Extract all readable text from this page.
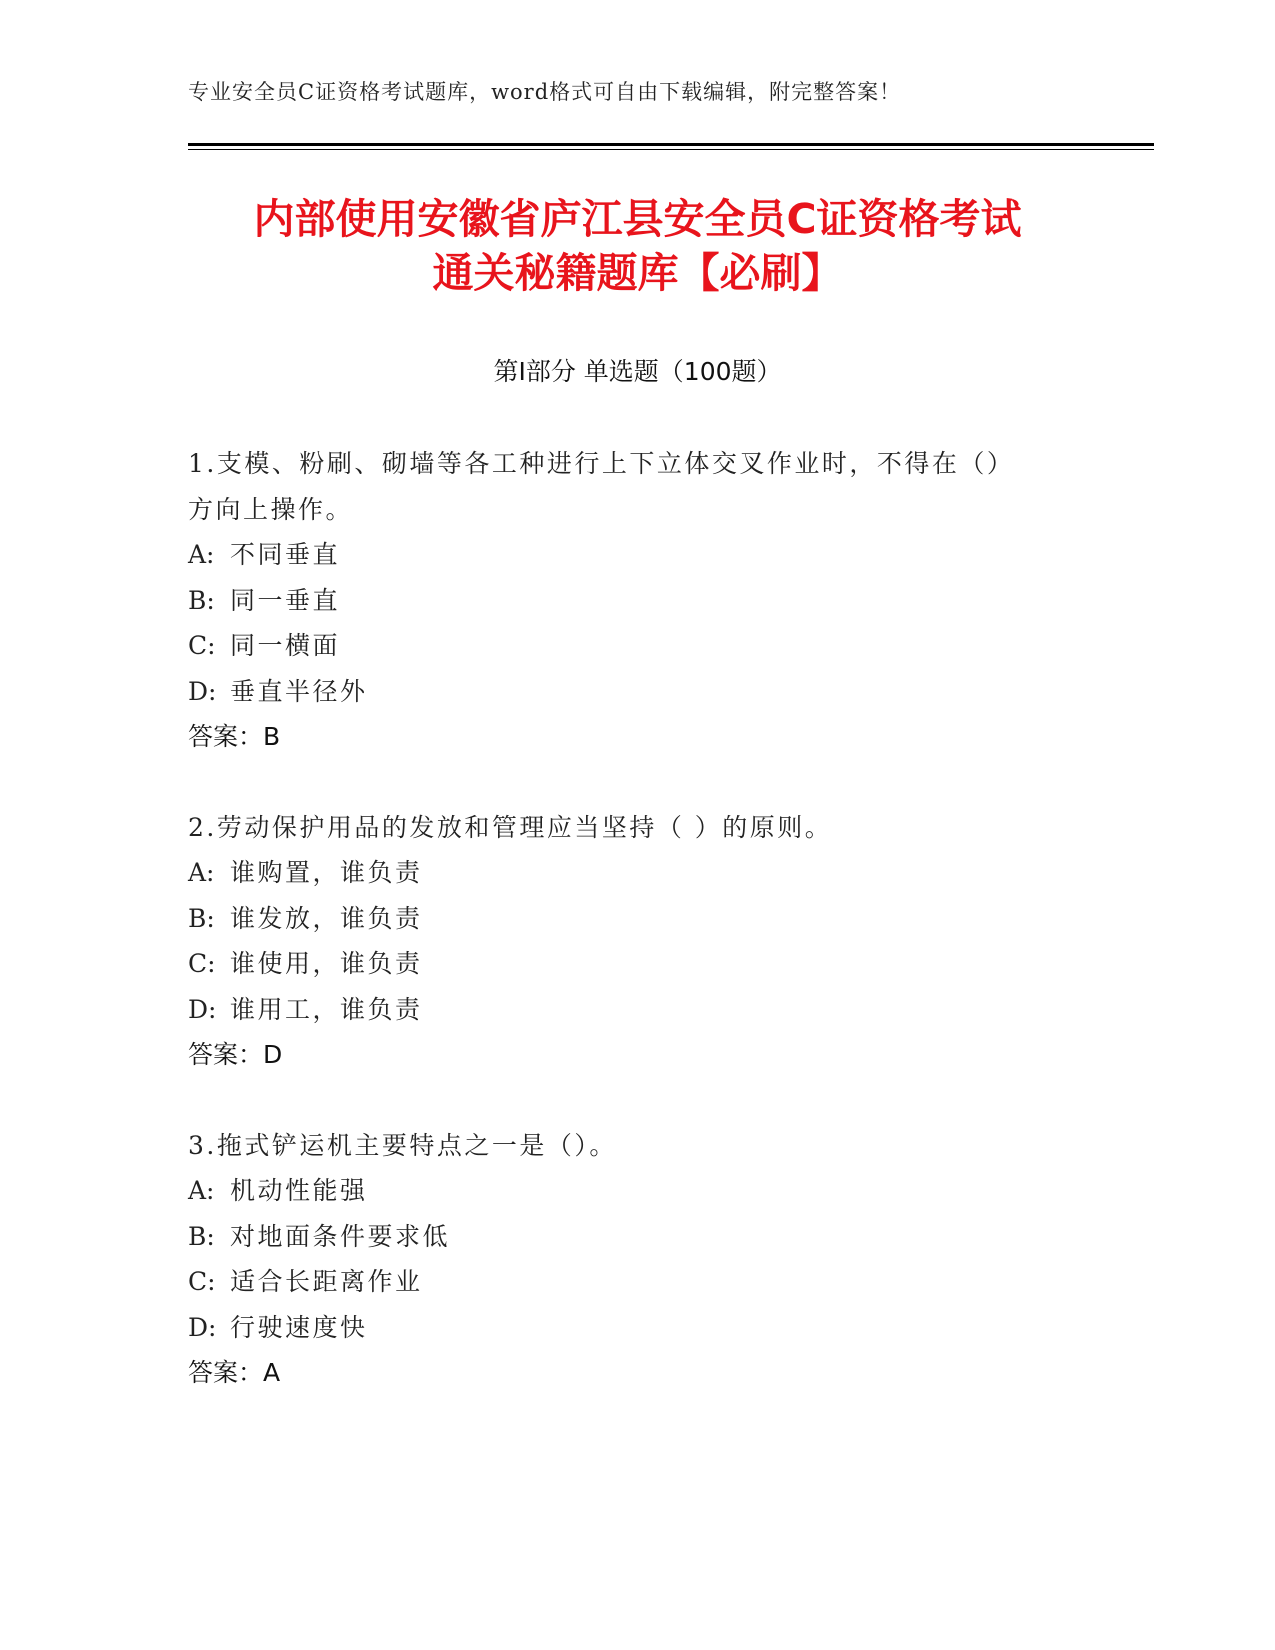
专业安全员C证资格考试题库，word格式可自由下载编辑，附完整答案！
内部使用安徽省庐江县安全员C证资格考试
通关秘籍题库【必刷】
第Ⅰ部分 单选题（100题）
1.支模、粉刷、砌墙等各工种进行上下立体交叉作业时，不得在（）
方向上操作。
A: 不同垂直
B: 同一垂直
C: 同一横面
D: 垂直半径外
答案：B
2.劳动保护用品的发放和管理应当坚持（ ）的原则。
A: 谁购置，谁负责
B: 谁发放，谁负责
C: 谁使用，谁负责
D: 谁用工，谁负责
答案：D
3.拖式铲运机主要特点之一是（）。
A: 机动性能强
B: 对地面条件要求低
C: 适合长距离作业
D: 行驶速度快
答案：A
